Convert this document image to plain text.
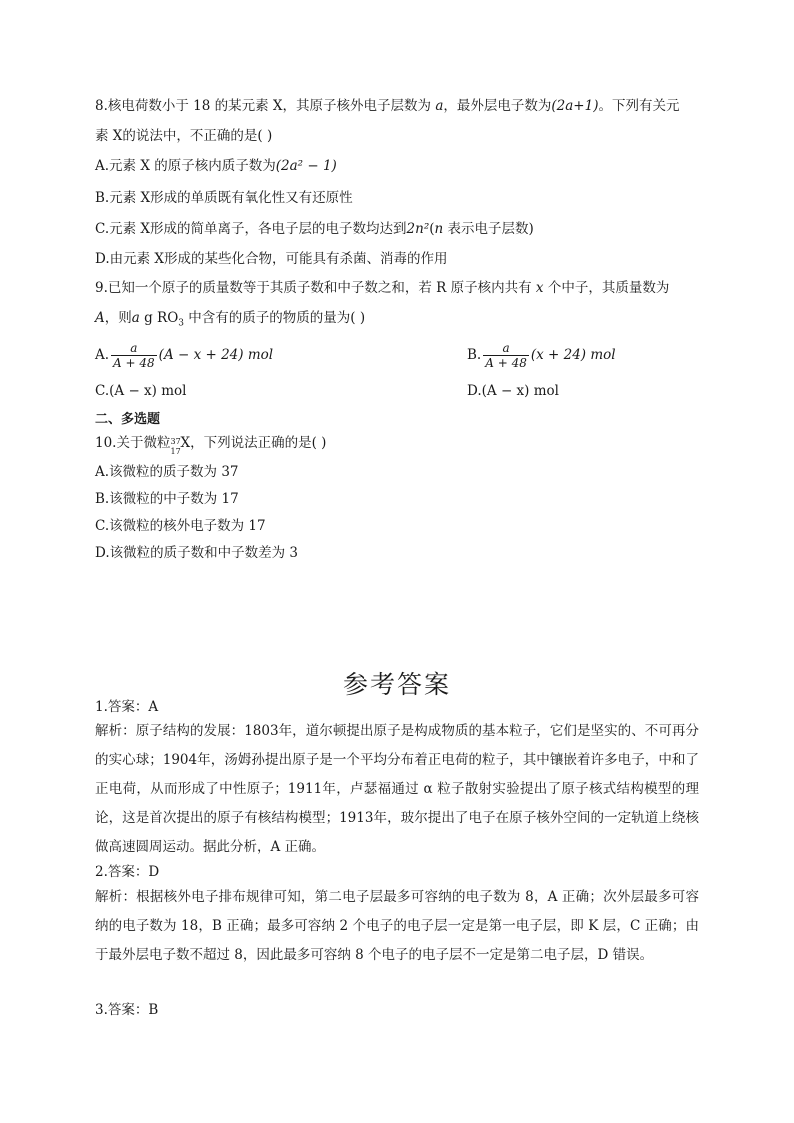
8.核电荷数小于 18 的某元素 X，其原子核外电子层数为 a，最外层电子数为(2a+1)。下列有关元
素 X的说法中，不正确的是( )
A.元素 X 的原子核内质子数为(2a² − 1)
B.元素 X形成的单质既有氧化性又有还原性
C.元素 X形成的简单离子，各电子层的电子数均达到2n²(n 表示电子层数)
D.由元素 X形成的某些化合物，可能具有杀菌、消毒的作用
9.已知一个原子的质量数等于其质子数和中子数之和，若 R 原子核内共有 x 个中子，其质量数为
A，则a g $RO_3$ 中含有的质子的物质的量为( )
A. $\frac{a}{A + 48} (A - x + 24)$ mol	B. $\frac{a}{A + 48} (x + 24)$ mol
C.(A − x) mol	D.(A − x) mol
二、多选题
10.关于微粒 37
17
X，下列说法正确的是( )
A.该微粒的质子数为 37
B.该微粒的中子数为 17
C.该微粒的核外电子数为 17
D.该微粒的质子数和中子数差为 3
参考答案
1.答案：A
解析：原子结构的发展：1803年，道尔顿提出原子是构成物质的基本粒子，它们是坚实的、不可再分的实心球；1904年，汤姆孙提出原子是一个平均分布着正电荷的粒子，其中镶嵌着许多电子，中和了正电荷，从而形成了中性原子；1911年，卢瑟福通过 α 粒子散射实验提出了原子核式结构模型的理论，这是首次提出的原子有核结构模型；1913年，玻尔提出了电子在原子核外空间的一定轨道上绕核做高速圆周运动。据此分析，A 正确。
2.答案：D
解析：根据核外电子排布规律可知，第二电子层最多可容纳的电子数为 8，A 正确；次外层最多可容纳的电子数为 18，B 正确；最多可容纳 2 个电子的电子层一定是第一电子层，即 K 层，C 正确；由于最外层电子数不超过 8，因此最多可容纳 8 个电子的电子层不一定是第二电子层，D 错误。
3.答案：B
